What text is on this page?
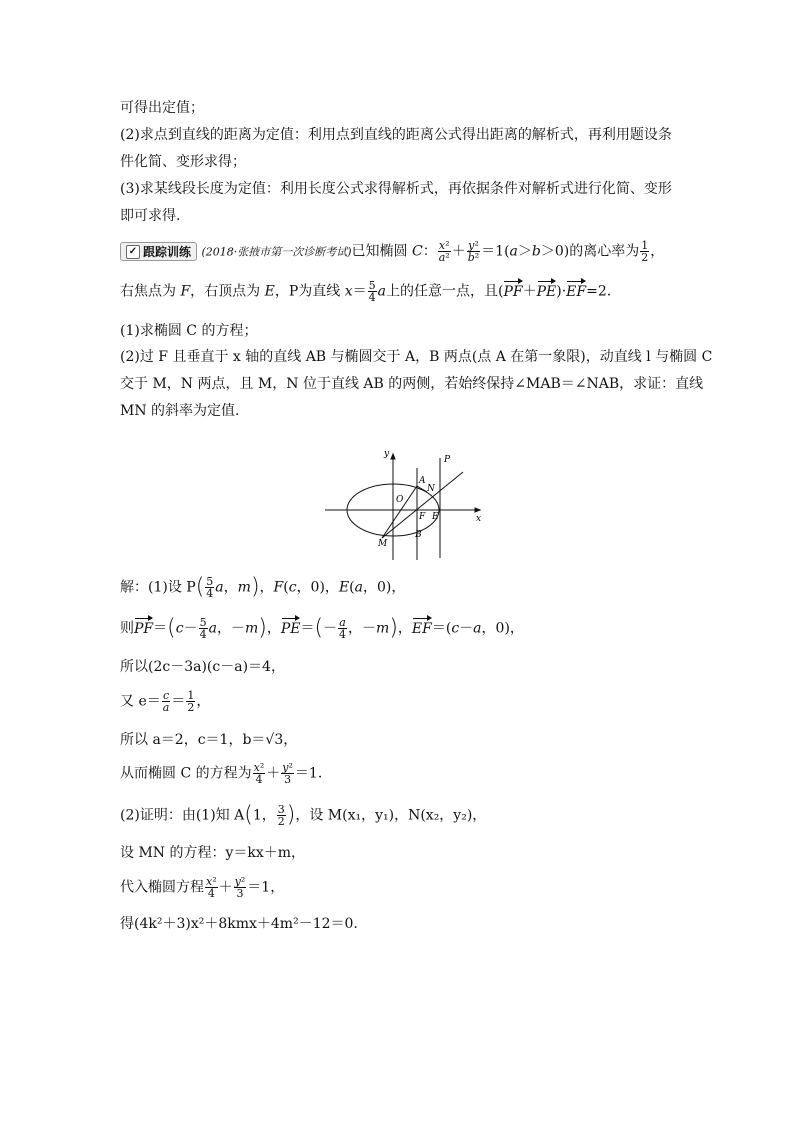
可得出定值；
(2)求点到直线的距离为定值：利用点到直线的距离公式得出距离的解析式，再利用题设条
件化简、变形求得；
(3)求某线段长度为定值：利用长度公式求得解析式，再依据条件对解析式进行化简、变形
即可求得.
✓ 跟踪训练 (2018·张掖市第一次诊断考试)已知椭圆 C： $\frac{\text{x²}}{\text{a²}} + \frac{\text{y²}}{\text{b²}} =1(a>b>0)$的离心率为 $\frac{1}{2}$ ，
右焦点为 F，右顶点为 E，P为直线 $x= \frac{5}{4}$ a上的任意一点，且(PF＋PE)·EF=2.
(1)求椭圆 C 的方程；
(2)过 F 且垂直于 x 轴的直线 AB 与椭圆交于 A，B 两点(点 A 在第一象限)，动直线 l 与椭圆 C
交于 M，N 两点，且 M，N 位于直线 AB 的两侧，若始终保持∠MAB＝∠NAB，求证：直线
MN 的斜率为定值.
y
x
O
A
N
F E
B
M
P
解：(1)设 $P( \frac{5}{4}$ a，m)，F(c，0)，E(a，0)，
则$PF=(c- \frac{5}{4}$ a，－m)，$PE=(- \frac{a}{4}$ ，－m)，EF＝(c－a，0)，
所以(2c－3a)(c－a)＝4，
又 $e= \frac{c}{a} = \frac{1}{2}$ ，
所以 a＝2，c＝1，b＝√3，
从而椭圆 C 的方程为 $\frac{\text{x²}}{4} + \frac{\text{y²}}{3} =1$.
(2)证明：由(1)知 A(1， $\frac{3}{2}$ )，设 M(x₁，y₁)，N(x₂，y₂)，
设 MN 的方程：y＝kx＋m，
代入椭圆方程 $\frac{\text{x²}}{4} + \frac{\text{y²}}{3} =1$，
得(4k²＋3)x²＋8kmx＋4m²－12＝0.
